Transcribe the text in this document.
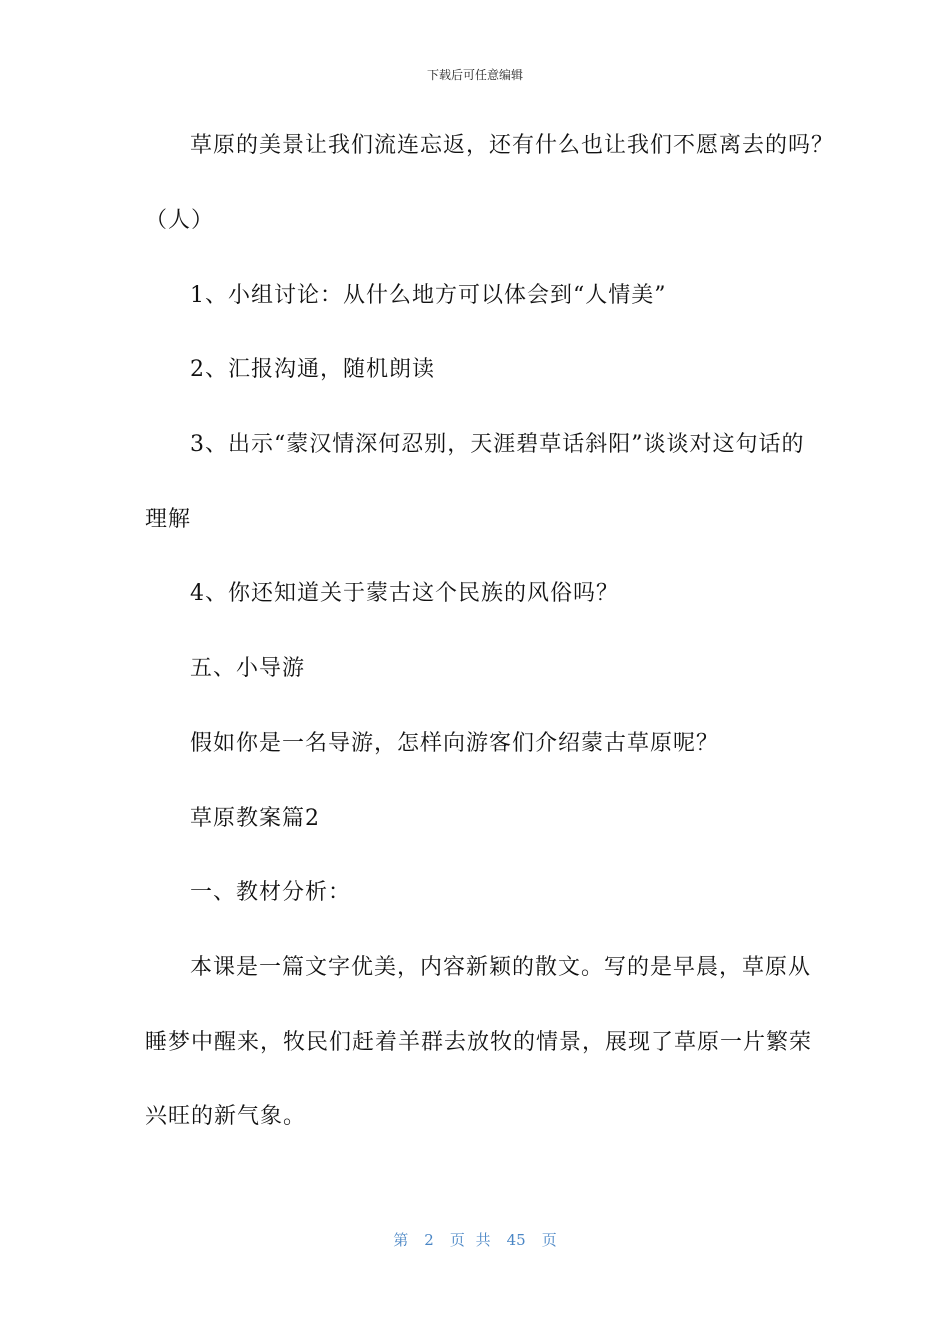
下载后可任意编辑
草原的美景让我们流连忘返，还有什么也让我们不愿离去的吗？
（人）
1、小组讨论：从什么地方可以体会到“人情美”
2、汇报沟通，随机朗读
3、出示“蒙汉情深何忍别，天涯碧草话斜阳”谈谈对这句话的
理解
4、你还知道关于蒙古这个民族的风俗吗？
五、小导游
假如你是一名导游，怎样向游客们介绍蒙古草原呢？
草原教案篇2
一、教材分析：
本课是一篇文字优美，内容新颖的散文。写的是早晨，草原从
睡梦中醒来，牧民们赶着羊群去放牧的情景，展现了草原一片繁荣
兴旺的新气象。
第 2 页 共 45 页
